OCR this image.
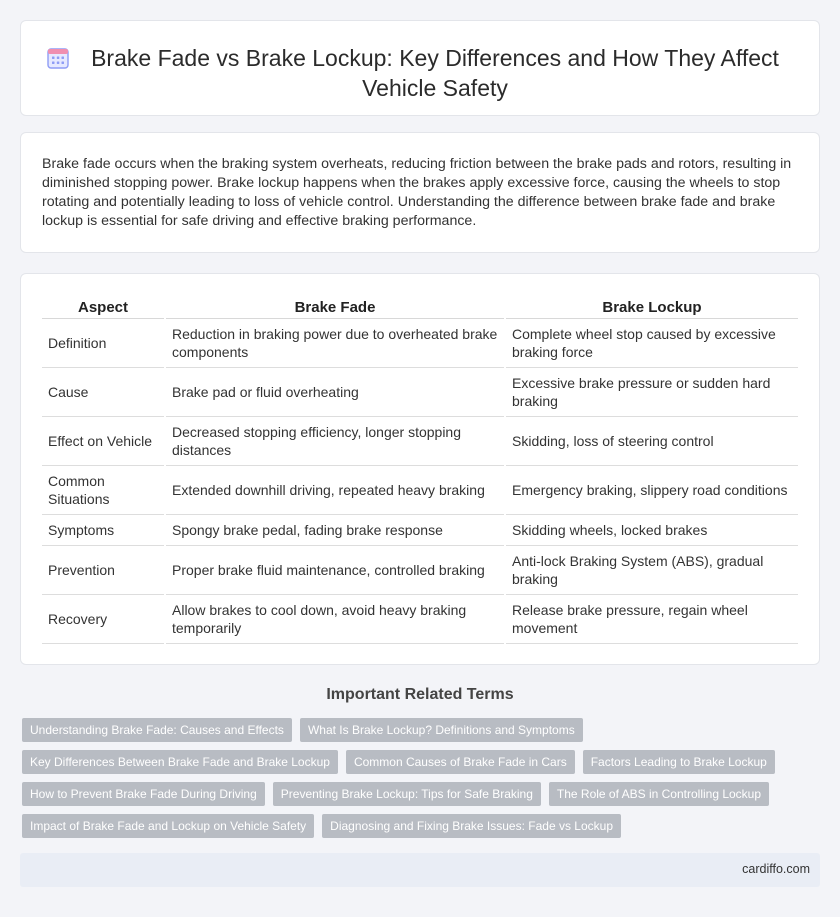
Brake Fade vs Brake Lockup: Key Differences and How They Affect Vehicle Safety

Brake fade occurs when the braking system overheats, reducing friction between the brake pads and rotors, resulting in diminished stopping power. Brake lockup happens when the brakes apply excessive force, causing the wheels to stop rotating and potentially leading to loss of vehicle control. Understanding the difference between brake fade and brake lockup is essential for safe driving and effective braking performance.

Aspect	Brake Fade	Brake Lockup
Definition	Reduction in braking power due to overheated brake components	Complete wheel stop caused by excessive braking force
Cause	Brake pad or fluid overheating	Excessive brake pressure or sudden hard braking
Effect on Vehicle	Decreased stopping efficiency, longer stopping distances	Skidding, loss of steering control
Common Situations	Extended downhill driving, repeated heavy braking	Emergency braking, slippery road conditions
Symptoms	Spongy brake pedal, fading brake response	Skidding wheels, locked brakes
Prevention	Proper brake fluid maintenance, controlled braking	Anti-lock Braking System (ABS), gradual braking
Recovery	Allow brakes to cool down, avoid heavy braking temporarily	Release brake pressure, regain wheel movement
Important Related Terms
Understanding Brake Fade: Causes and Effects	What Is Brake Lockup? Definitions and Symptoms
Key Differences Between Brake Fade and Brake Lockup	Common Causes of Brake Fade in Cars	Factors Leading to Brake Lockup
How to Prevent Brake Fade During Driving	Preventing Brake Lockup: Tips for Safe Braking	The Role of ABS in Controlling Lockup
Impact of Brake Fade and Lockup on Vehicle Safety	Diagnosing and Fixing Brake Issues: Fade vs Lockup
cardiffo.com
